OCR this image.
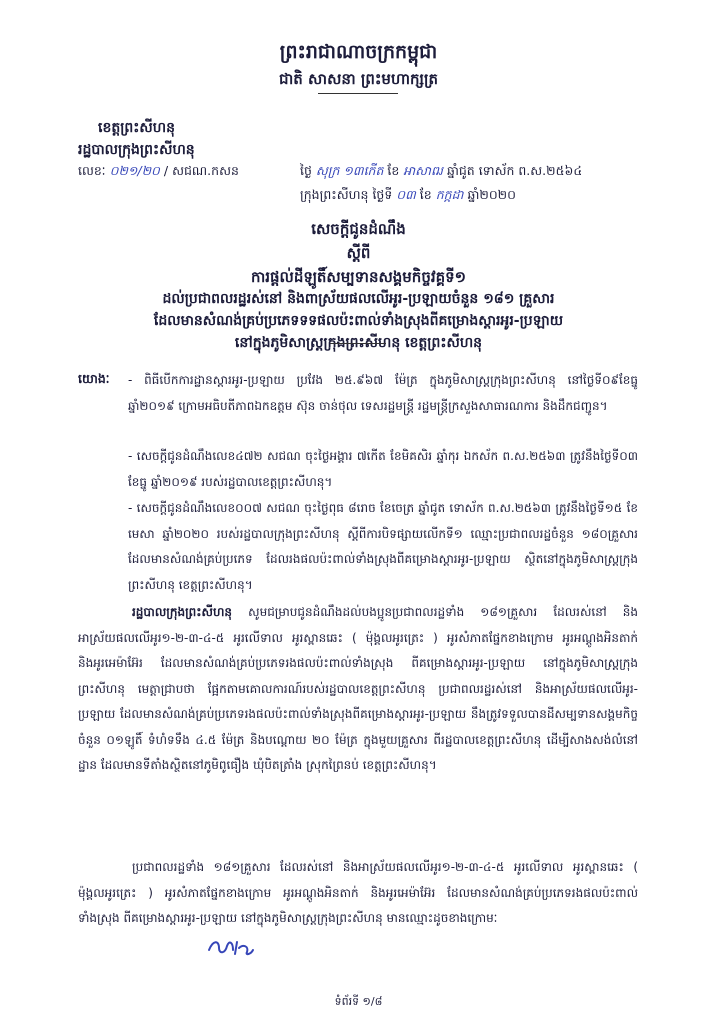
ព្រះរាជាណាចក្រកម្ពុជា
ជាតិ សាសនា ព្រះមហាក្សត្រ
ខេត្តព្រះសីហនុ
រដ្ឋបាលក្រុងព្រះសីហនុ
លេខៈ ០២១/២០ / សជណ.កសន	ថ្ងៃ សុក្រ ១៣កើត ខែ អាសាឍ ឆ្នាំជូត ទោស័ក ព.ស.២៥៦៤
ក្រុងព្រះសីហនុ ថ្ងៃទី ០៣ ខែ កក្កដា ឆ្នាំ២០២០
សេចក្តីជូនដំណឹង
ស្តីពី
ការផ្តល់ដីឡូតិ៍សម្បទានសង្គមកិច្ចវគ្គទី១
ដល់ប្រជាពលរដ្ឋរស់នៅ និងពាស្រ័យផលលើអូរ-ប្រឡាយចំនួន ១៨១ គ្រួសារ
ដែលមានសំណង់គ្រប់ប្រភេទទទផលប៉ះពាល់ទាំងស្រុងពីគម្រោងស្តារអូរ-ប្រឡាយ
នៅក្នុងភូមិសាស្ត្រក្រុងព្រះសីហនុ ខេត្តព្រះសីហនុ
យោងៈ - ពិធីបើកការដ្ឋានស្តារអូរ-ប្រឡាយ ប្រវែង ២៥.៩៦៧ ម៉ែត្រ ក្នុងភូមិសាស្ត្រក្រុងព្រះសីហនុ នៅថ្ងៃទី០៩ខែធ្នូ ឆ្នាំ២០១៩ ក្រោមអធិបតីភាពឯកឧត្តម ស៊ុន ចាន់ថុល ទេសរដ្ឋមន្ត្រី រដ្ឋមន្ត្រីក្រសួងសាធារណការ និងដឹកជញ្ជូន។
- សេចក្តីជូនដំណឹងលេខ៤៧២ សជណ ចុះថ្ងៃអង្គារ ៧កើត ខែមិគសិរ ឆ្នាំកុរ ឯកស័ក ព.ស.២៥៦៣ ត្រូវនឹងថ្ងៃទី០៣ ខែធ្នូ ឆ្នាំ២០១៩ របស់រដ្ឋបាលខេត្តព្រះសីហនុ។
- សេចក្តីជូនដំណឹងលេខ០០៧ សជណ ចុះថ្ងៃពុធ ៨រោច ខែចេត្រ ឆ្នាំជូត ទោស័ក ព.ស.២៥៦៣ ត្រូវនឹងថ្ងៃទី១៥ ខែមេសា ឆ្នាំ២០២០ របស់រដ្ឋបាលក្រុងព្រះសីហនុ ស្តីពីការបិទផ្សាយលើកទី១ ឈ្មោះប្រជាពលរដ្ឋចំនួន ១៨០គ្រួសារ ដែលមានសំណង់គ្រប់ប្រភេទ ដែលរងផលប៉ះពាល់ទាំងស្រុងពីគម្រោងស្តារអូរ-ប្រឡាយ ស្ថិតនៅក្នុងភូមិសាស្ត្រក្រុងព្រះសីហនុ ខេត្តព្រះសីហនុ។
រដ្ឋបាលក្រុងព្រះសីហនុ សូមជម្រាបជូនដំណឹងដល់បងប្អូនប្រជាពលរដ្ឋទាំង ១៨១គ្រួសារ ដែលរស់នៅ និងអាស្រ័យផលលើអូរ១-២-៣-៤-៥ អូរលើទាល អូរស្ពានឆេះ ( ម៉ុង្គលអូរត្រេះ ) អូរសំភាតផ្នែកខាងក្រោម អូរអណ្តូងអិនតាក់ និងអូរអេម៉ាអ៊ែរ ដែលមានសំណង់គ្រប់ប្រភេទរងផលប៉ះពាល់ទាំងស្រុង ពីគម្រោងស្តារអូរ-ប្រឡាយ នៅក្នុងភូមិសាស្ត្រក្រុងព្រះសីហនុ មេត្តាជ្រាបថា ផ្អែកតាមគោលការណ៍របស់រដ្ឋបាលខេត្តព្រះសីហនុ ប្រជាពលរដ្ឋរស់នៅ និងអាស្រ័យផលលើអូរ-ប្រឡាយ ដែលមានសំណង់គ្រប់ប្រភេទរងផលប៉ះពាល់ទាំងស្រុងពីគម្រោងស្តារអូរ-ប្រឡាយ នឹងត្រូវទទួលបានដីសម្បទានសង្គមកិច្ចចំនួន ០១ឡូតិ៍ ទំហំទទឹង ៤.៥ ម៉ែត្រ និងបណ្តោយ ២០ ម៉ែត្រ ក្នុងមួយគ្រួសារ ពីរដ្ឋបាលខេត្តព្រះសីហនុ ដើម្បីសាងសង់លំនៅដ្ឋាន ដែលមានទីតាំងស្ថិតនៅភូមិពូធឿង ឃុំបិតត្រាំង ស្រុកព្រៃនប់ ខេត្តព្រះសីហនុ។
ប្រជាពលរដ្ឋទាំង ១៨១គ្រួសារ ដែលរស់នៅ និងអាស្រ័យផលលើអូរ១-២-៣-៤-៥ អូរលើទាល អូរស្ពានឆេះ ( ម៉ុង្គលអូរត្រេះ ) អូរសំភាតផ្នែកខាងក្រោម អូរអណ្តូងអិនតាក់ និងអូរអេម៉ាអ៊ែរ ដែលមានសំណង់គ្រប់ប្រភេទរងផលប៉ះពាល់ទាំងស្រុង ពីគម្រោងស្តារអូរ-ប្រឡាយ នៅក្នុងភូមិសាស្ត្រក្រុងព្រះសីហនុ មានឈ្មោះដូចខាងក្រោមៈ
ទំព័រទី ១/៨
